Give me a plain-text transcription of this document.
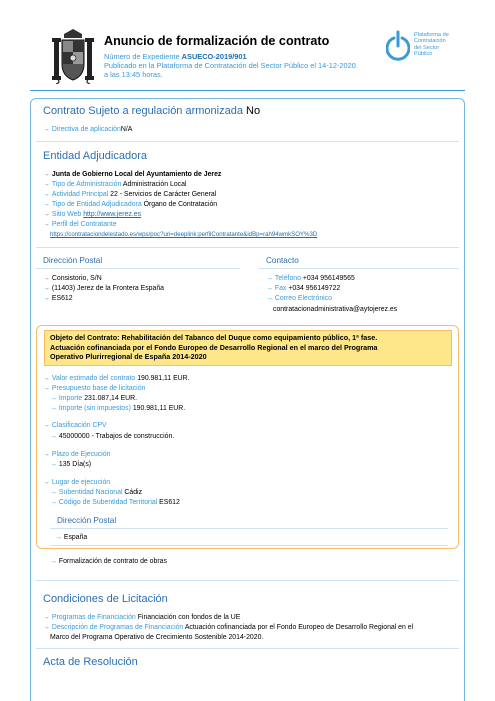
Anuncio de formalización de contrato
Número de Expediente ASUECO-2019/901
Publicado en la Plataforma de Contratación del Sector Público el 14-12-2020
a las 13:45 horas.
Plataforma de
Contratación
del Sector
Público
Contrato Sujeto a regulación armonizada No
→ Directiva de aplicaciónN/A
Entidad Adjudicadora
→ Junta de Gobierno Local del Ayuntamiento de Jerez
→ Tipo de Administración Administración Local
→ Actividad Principal 22 - Servicios de Carácter General
→ Tipo de Entidad Adjudicadora Órgano de Contratación
→ Sitio Web http://www.jerez.es
→ Perfil del Contratante
https://contrataciondelestado.es/wps/poc?uri=deeplink:perfilContratante&idBp=rah94wmkSOY%3D
Dirección Postal
→ Consistorio, S/N
→ (11403) Jerez de la Frontera España
→ ES612
Contacto
→ Teléfono +034 956149565
→ Fax +034 956149722
→ Correo Electrónico
contratacionadministrativa@aytojerez.es
Objeto del Contrato: Rehabilitación del Tabanco del Duque como equipamiento público, 1ª fase.
Actuación cofinanciada por el Fondo Europeo de Desarrollo Regional en el marco del Programa
Operativo Plurirregional de España 2014-2020
→ Valor estimado del contrato 190.981,11 EUR.
→ Presupuesto base de licitación
→ Importe 231.087,14 EUR.
→ Importe (sin impuestos) 190.981,11 EUR.
→ Clasificación CPV
→ 45000000 - Trabajos de construcción.
→ Plazo de Ejecución
→ 135 Día(s)
→ Lugar de ejecución
→ Subentidad Nacional Cádiz
→ Código de Subentidad Territorial ES612
Dirección Postal
→ España
→ Formalización de contrato de obras
Condiciones de Licitación
→ Programas de Financiación Financiación con fondos de la UE
→ Descripción de Programas de Financiación Actuación cofinanciada por el Fondo Europeo de Desarrollo Regional en el
Marco del Programa Operativo de Crecimiento Sostenible 2014-2020.
Acta de Resolución
